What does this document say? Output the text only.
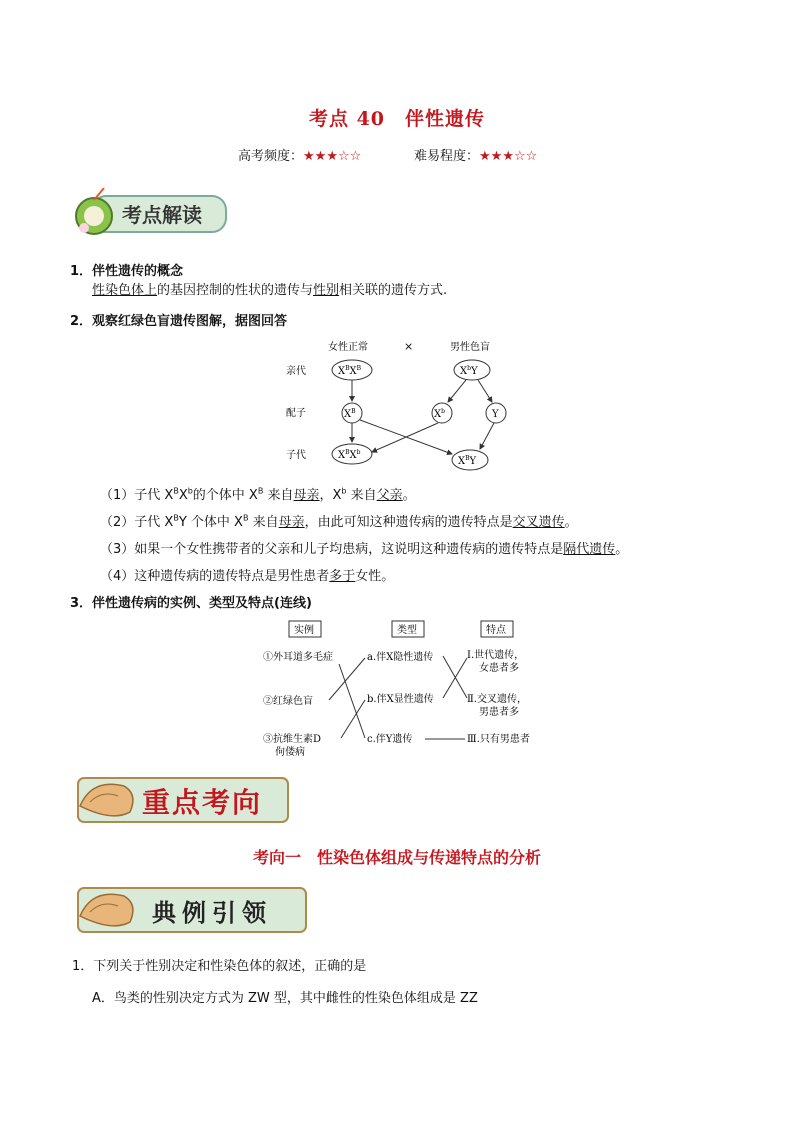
考点 40　伴性遗传
高考频度：★★★☆☆	难易程度：★★★☆☆
考点解读
1．伴性遗传的概念
性染色体上的基因控制的性状的遗传与性别相关联的遗传方式.
2．观察红绿色盲遗传图解，据图回答
女性正常	×	男性色盲
亲代
配子
子代
$X^BX^B$	$X^bY$
$X^B$	$X^b$	Y
$X^BX^b$
$X^BY$
（1）子代 $X^BX^b$的个体中 $X^B$ 来自母亲，$X^b$ 来自父亲。
（2）子代 $X^BY$ 个体中 $X^B$ 来自母亲，由此可知这种遗传病的遗传特点是交叉遗传。
（3）如果一个女性携带者的父亲和儿子均患病，这说明这种遗传病的遗传特点是隔代遗传。
（4）这种遗传病的遗传特点是男性患者多于女性。
3．伴性遗传病的实例、类型及特点(连线)
实例	类型	特点
①外耳道多毛症
②红绿色盲
③抗维生素D
佝偻病
a.伴X隐性遗传
b.伴X显性遗传
c.伴Y遗传
Ⅰ.世代遗传，
女患者多
Ⅱ.交叉遗传，
男患者多
Ⅲ.只有男患者
重点考向
考向一　性染色体组成与传递特点的分析
典例引领
1．下列关于性别决定和性染色体的叙述，正确的是
A．鸟类的性别决定方式为 ZW 型，其中雌性的性染色体组成是 ZZ
